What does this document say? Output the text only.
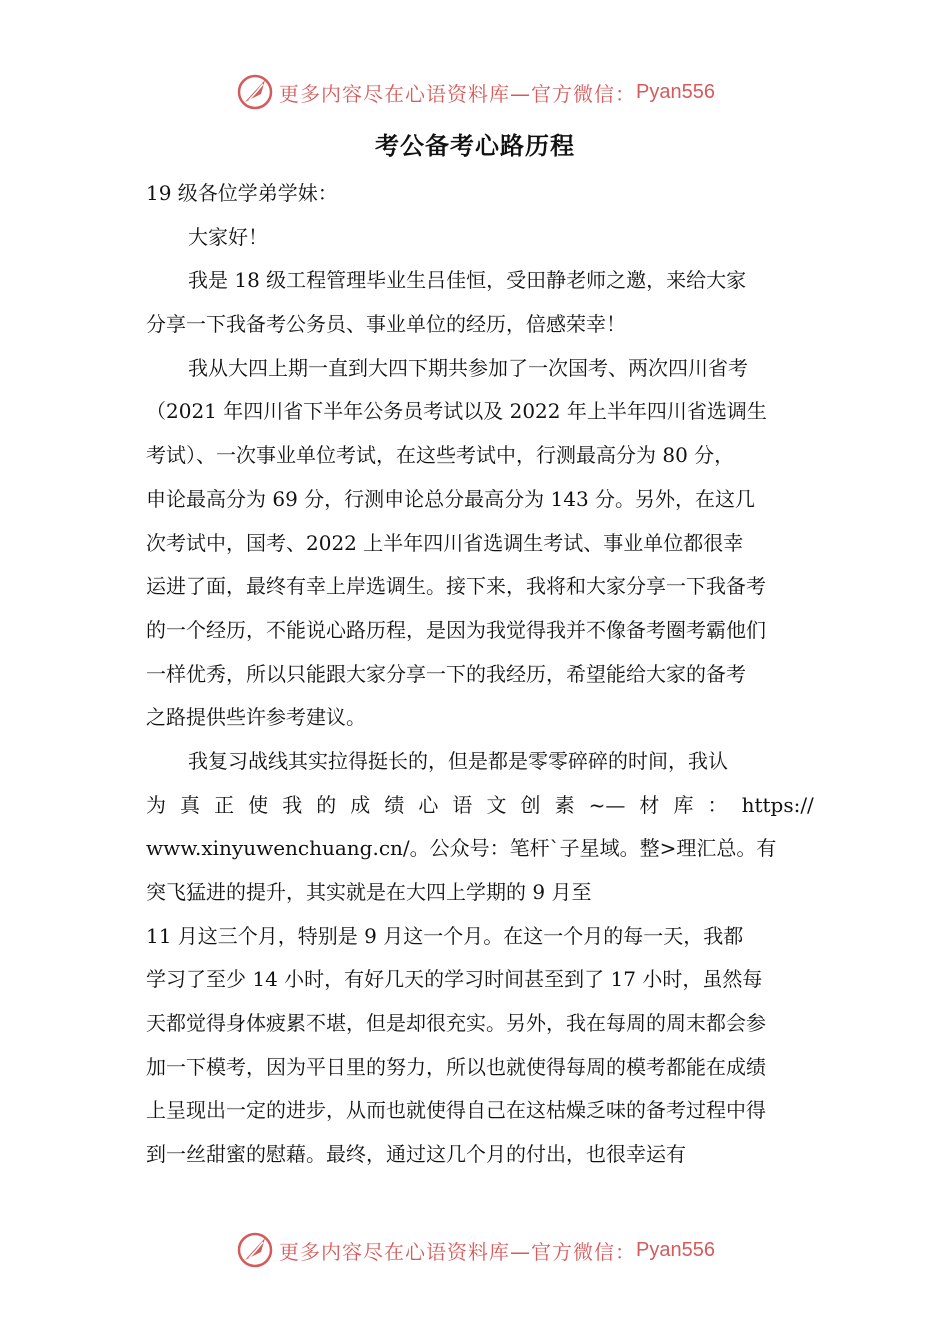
更多内容尽在心语资料库—官方微信： Pyan556
考公备考心路历程
19 级各位学弟学妹：
大家好！
我是 18 级工程管理毕业生吕佳恒，受田静老师之邀，来给大家
分享一下我备考公务员、事业单位的经历，倍感荣幸！
我从大四上期一直到大四下期共参加了一次国考、两次四川省考
（2021 年四川省下半年公务员考试以及 2022 年上半年四川省选调生
考试）、一次事业单位考试，在这些考试中，行测最高分为 80 分，
申论最高分为 69 分，行测申论总分最高分为 143 分。另外，在这几
次考试中，国考、2022 上半年四川省选调生考试、事业单位都很幸
运进了面，最终有幸上岸选调生。接下来，我将和大家分享一下我备考
的一个经历，不能说心路历程，是因为我觉得我并不像备考圈考霸他们
一样优秀，所以只能跟大家分享一下的我经历，希望能给大家的备考
之路提供些许参考建议。
我复习战线其实拉得挺长的，但是都是零零碎碎的时间，我认
为 真 正 使 我 的 成 绩 心 语 文 创 素 ~— 材 库 ： https://
www.xinyuwenchuang.cn/。公众号：笔杆`子星域。整>理汇总。有
突飞猛进的提升，其实就是在大四上学期的 9 月至
11 月这三个月，特别是 9 月这一个月。在这一个月的每一天，我都
学习了至少 14 小时，有好几天的学习时间甚至到了 17 小时，虽然每
天都觉得身体疲累不堪，但是却很充实。另外，我在每周的周末都会参
加一下模考，因为平日里的努力，所以也就使得每周的模考都能在成绩
上呈现出一定的进步，从而也就使得自己在这枯燥乏味的备考过程中得
到一丝甜蜜的慰藉。最终，通过这几个月的付出，也很幸运有
更多内容尽在心语资料库—官方微信： Pyan556
